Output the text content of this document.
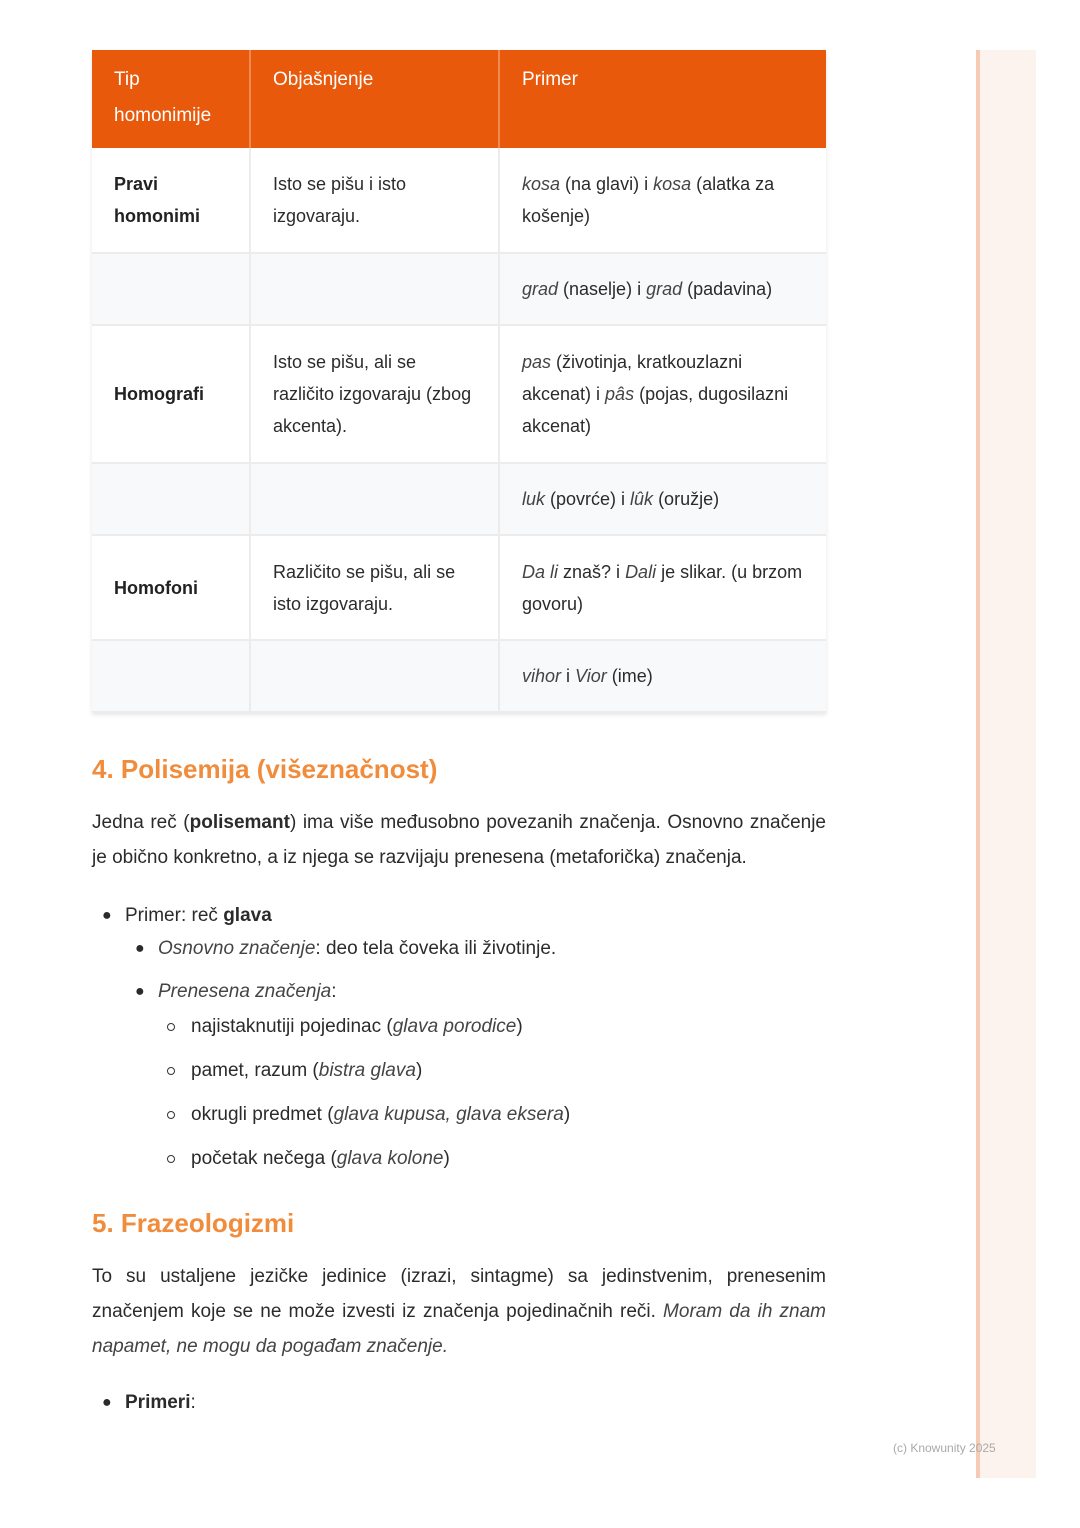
(c) Knowunity 2025
Tip homonimije	Objašnjenje	Primer
Pravi homonimi	Isto se pišu i isto izgovaraju.	kosa (na glavi) i kosa (alatka za košenje)
		grad (naselje) i grad (padavina)
Homografi	Isto se pišu, ali se različito izgovaraju (zbog akcenta).	pas (životinja, kratkouzlazni akcenat) i pâs (pojas, dugosilazni akcenat)
		luk (povrće) i lûk (oružje)
Homofoni	Različito se pišu, ali se isto izgovaraju.	Da li znaš? i Dali je slikar. (u brzom govoru)
		vihor i Vior (ime)
4. Polisemija (višeznačnost)

Jedna reč (polisemant) ima više međusobno povezanih značenja. Osnovno značenje je obično konkretno, a iz njega se razvijaju prenesena (metaforička) značenja.

● Primer: reč glava
● Osnovno značenje: deo tela čoveka ili životinje.
● Prenesena značenja:
najistaknutiji pojedinac (glava porodice)
pamet, razum (bistra glava)
okrugli predmet (glava kupusa, glava eksera)
početak nečega (glava kolone)
5. Frazeologizmi

To su ustaljene jezičke jedinice (izrazi, sintagme) sa jedinstvenim, prenesenim značenjem koje se ne može izvesti iz značenja pojedinačnih reči. Moram da ih znam napamet, ne mogu da pogađam značenje.

● Primeri:
